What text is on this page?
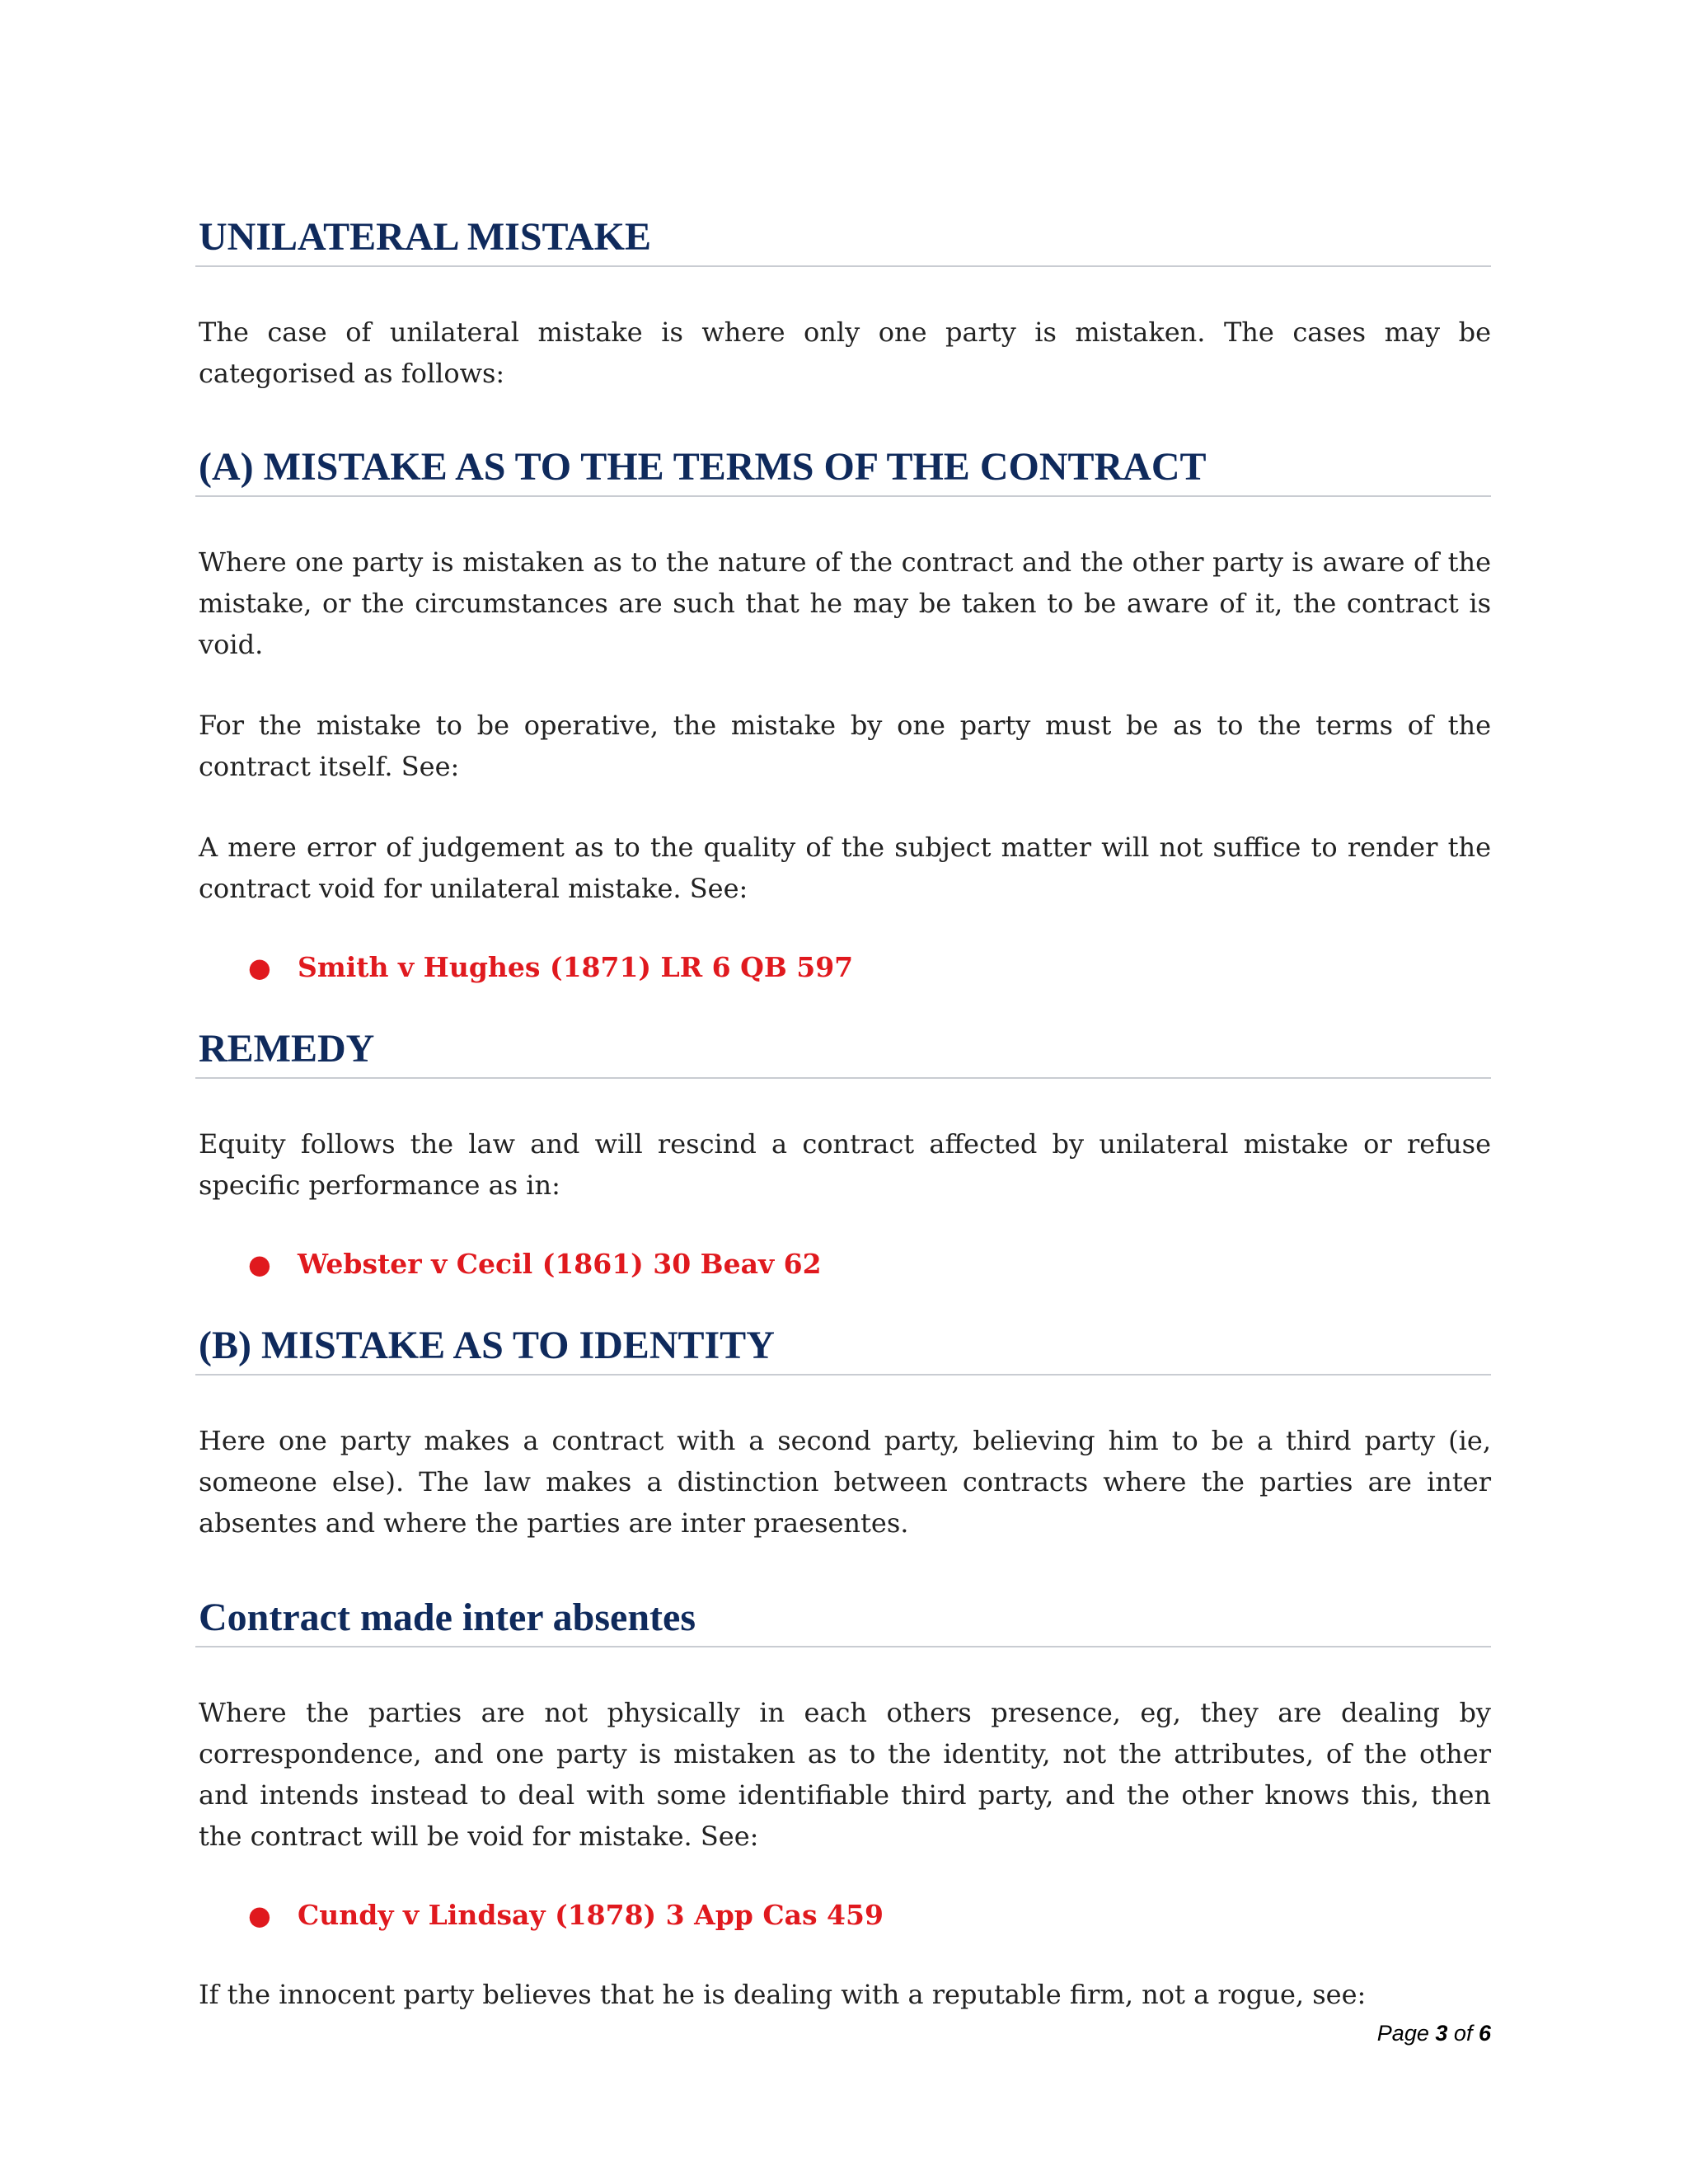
UNILATERAL MISTAKE

The case of unilateral mistake is where only one party is mistaken. The cases may be categorised as follows:

(A) MISTAKE AS TO THE TERMS OF THE CONTRACT

Where one party is mistaken as to the nature of the contract and the other party is aware of the mistake, or the circumstances are such that he may be taken to be aware of it, the contract is void.

For the mistake to be operative, the mistake by one party must be as to the terms of the contract itself. See:

A mere error of judgement as to the quality of the subject matter will not suffice to render the contract void for unilateral mistake. See:

● Smith v Hughes (1871) LR 6 QB 597
REMEDY

Equity follows the law and will rescind a contract affected by unilateral mistake or refuse specific performance as in:

● Webster v Cecil (1861) 30 Beav 62
(B) MISTAKE AS TO IDENTITY

Here one party makes a contract with a second party, believing him to be a third party (ie, someone else). The law makes a distinction between contracts where the parties are inter absentes and where the parties are inter praesentes.

Contract made inter absentes

Where the parties are not physically in each others presence, eg, they are dealing by correspondence, and one party is mistaken as to the identity, not the attributes, of the other and intends instead to deal with some identifiable third party, and the other knows this, then the contract will be void for mistake. See:

● Cundy v Lindsay (1878) 3 App Cas 459

If the innocent party believes that he is dealing with a reputable firm, not a rogue, see:

Page 3 of 6
